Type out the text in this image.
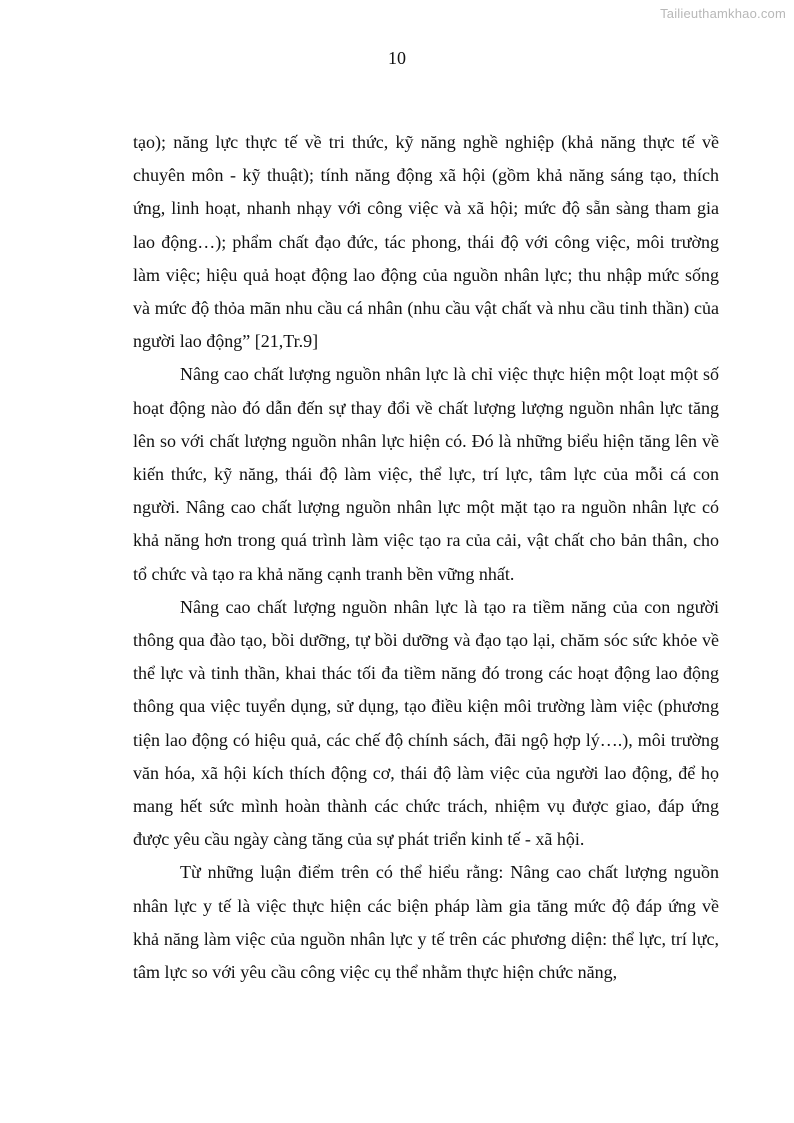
Tailieuthamkhao.com
10

tạo); năng lực thực tế về tri thức, kỹ năng nghề nghiệp (khả năng thực tế về chuyên môn - kỹ thuật); tính năng động xã hội (gồm khả năng sáng tạo, thích ứng, linh hoạt, nhanh nhạy với công việc và xã hội; mức độ sẵn sàng tham gia lao động…); phẩm chất đạo đức, tác phong, thái độ với công việc, môi trường làm việc; hiệu quả hoạt động lao động của nguồn nhân lực; thu nhập mức sống và mức độ thỏa mãn nhu cầu cá nhân (nhu cầu vật chất và nhu cầu tinh thần) của người lao động” [21,Tr.9]

Nâng cao chất lượng nguồn nhân lực là chỉ việc thực hiện một loạt một số hoạt động nào đó dẫn đến sự thay đổi về chất lượng lượng nguồn nhân lực tăng lên so với chất lượng nguồn nhân lực hiện có. Đó là những biểu hiện tăng lên về kiến thức, kỹ năng, thái độ làm việc, thể lực, trí lực, tâm lực của mỗi cá con người. Nâng cao chất lượng nguồn nhân lực một mặt tạo ra nguồn nhân lực có khả năng hơn trong quá trình làm việc tạo ra của cải, vật chất cho bản thân, cho tổ chức và tạo ra khả năng cạnh tranh bền vững nhất.

Nâng cao chất lượng nguồn nhân lực là tạo ra tiềm năng của con người thông qua đào tạo, bồi dưỡng, tự bồi dưỡng và đạo tạo lại, chăm sóc sức khỏe về thể lực và tinh thần, khai thác tối đa tiềm năng đó trong các hoạt động lao động thông qua việc tuyển dụng, sử dụng, tạo điều kiện môi trường làm việc (phương tiện lao động có hiệu quả, các chế độ chính sách, đãi ngộ hợp lý….), môi trường văn hóa, xã hội kích thích động cơ, thái độ làm việc của người lao động, để họ mang hết sức mình hoàn thành các chức trách, nhiệm vụ được giao, đáp ứng được yêu cầu ngày càng tăng của sự phát triển kinh tế - xã hội.

Từ những luận điểm trên có thể hiểu rằng: Nâng cao chất lượng nguồn nhân lực y tế là việc thực hiện các biện pháp làm gia tăng mức độ đáp ứng về khả năng làm việc của nguồn nhân lực y tế trên các phương diện: thể lực, trí lực, tâm lực so với yêu cầu công việc cụ thể nhằm thực hiện chức năng,
